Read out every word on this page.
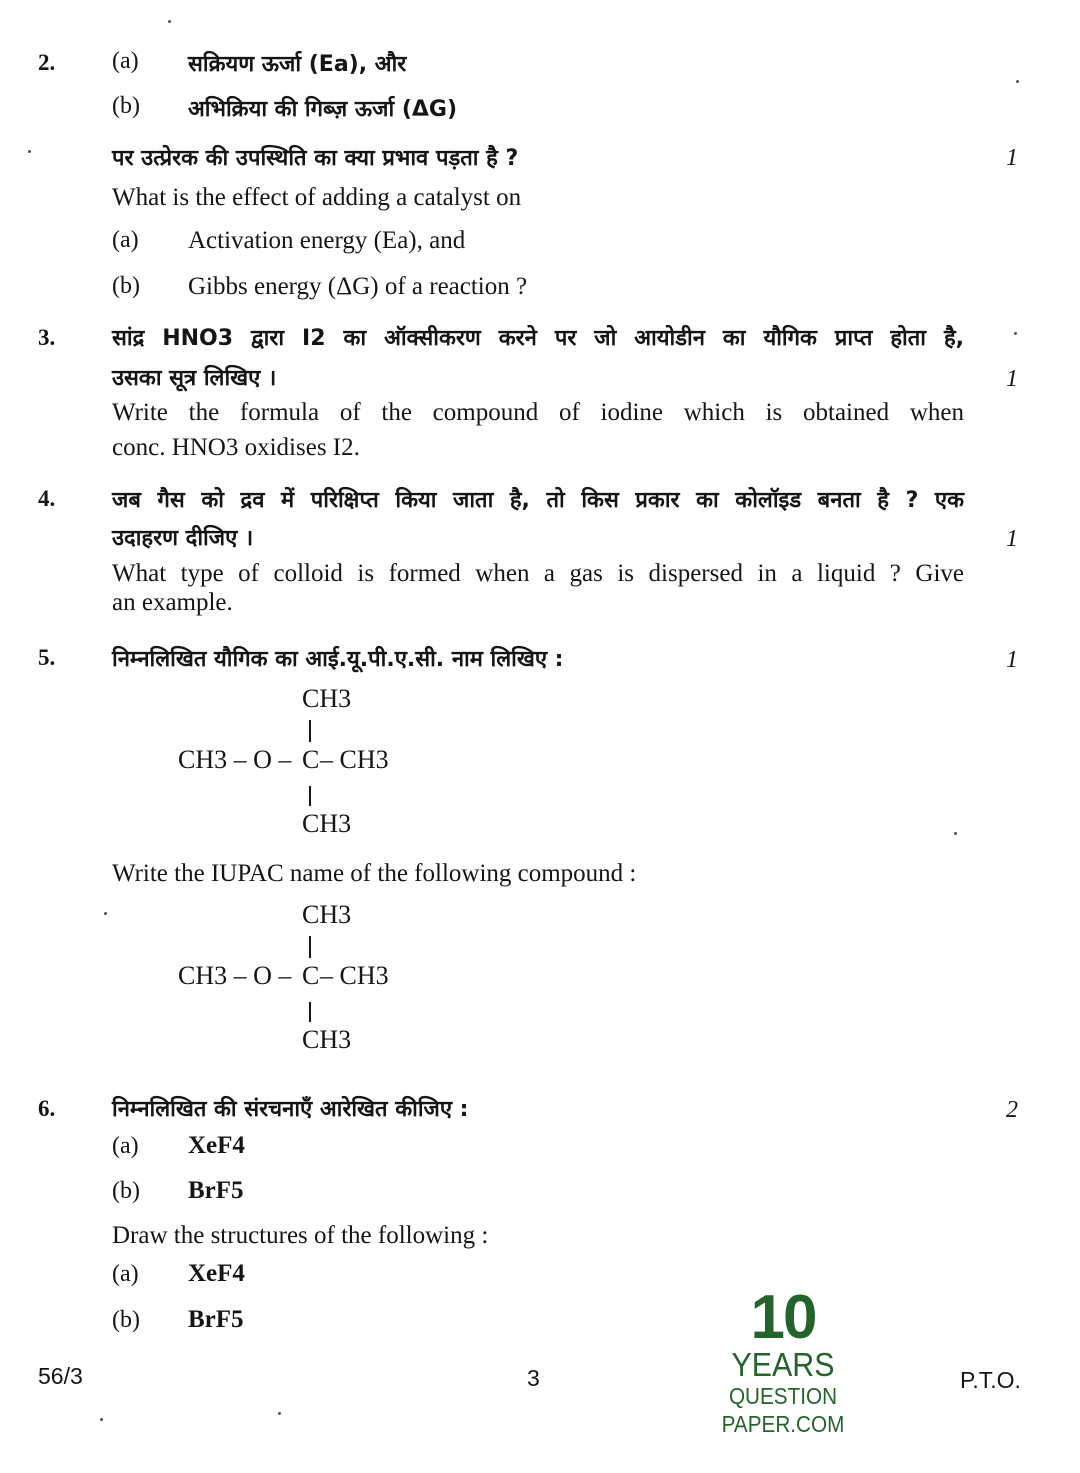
2. (a) सक्रियण ऊर्जा (Ea), और
(b) अभिक्रिया की गिब्ज़ ऊर्जा (ΔG)
पर उत्प्रेरक की उपस्थिति का क्या प्रभाव पड़ता है ?	1
What is the effect of adding a catalyst on
(a) Activation energy (Ea), and
(b) Gibbs energy (ΔG) of a reaction ?
3.	सांद्र HNO3 द्वारा I2 का ऑक्सीकरण करने पर जो आयोडीन का यौगिक प्राप्त होता है,
उसका सूत्र लिखिए ।	1
Write the formula of the compound of iodine which is obtained when
conc. HNO3 oxidises I2.
4.	जब गैस को द्रव में परिक्षिप्त किया जाता है, तो किस प्रकार का कोलॉइड बनता है ? एक
उदाहरण दीजिए ।	1
What type of colloid is formed when a gas is dispersed in a liquid ? Give
an example.
5.	निम्नलिखित यौगिक का आई.यू.पी.ए.सी. नाम लिखिए :	1
CH3
CH3 – O – C – CH3
CH3
Write the IUPAC name of the following compound :
CH3
CH3 – O – C – CH3
CH3
6.	निम्नलिखित की संरचनाएँ आरेखित कीजिए :	2
(a) XeF4
(b) BrF5
Draw the structures of the following :
(a) XeF4
(b) BrF5	10
YEARS
QUESTION PAPER.COM
56/3	3	P.T.O.
